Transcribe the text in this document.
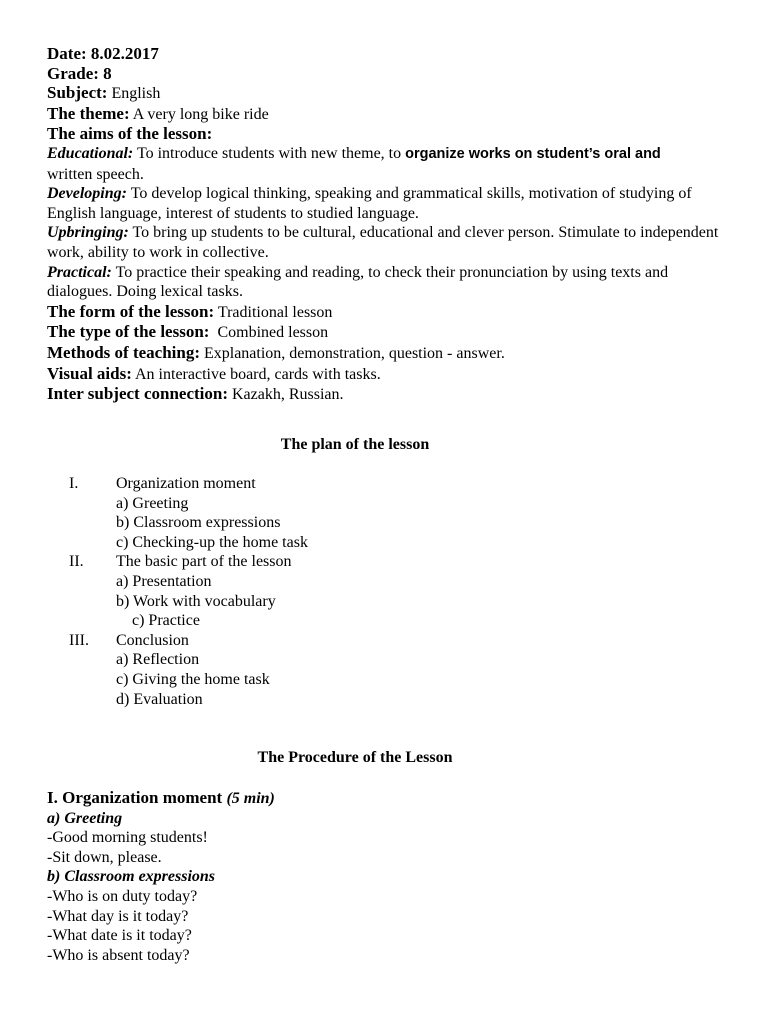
Date: 8.02.2017

Grade: 8

Subject: English

The theme: A very long bike ride

The aims of the lesson:

Educational: To introduce students with new theme, to organize works on student’s oral and

written speech.

Developing: To develop logical thinking, speaking and grammatical skills, motivation of studying of English language, interest of students to studied language.

Upbringing: To bring up students to be cultural, educational and clever person. Stimulate to independent work, ability to work in collective.

Practical: To practice their speaking and reading, to check their pronunciation by using texts and dialogues. Doing lexical tasks.

The form of the lesson: Traditional lesson

The type of the lesson:  Combined lesson

Methods of teaching: Explanation, demonstration, question - answer.

Visual aids: An interactive board, cards with tasks.

Inter subject connection: Kazakh, Russian.

The plan of the lesson
I. Organization moment
a) Greeting
b) Classroom expressions
c) Checking-up the home task
II. The basic part of the lesson
a) Presentation
b) Work with vocabulary
c) Practice
III. Conclusion
a) Reflection
c) Giving the home task
d) Evaluation
The Procedure of the Lesson

I. Organization moment (5 min)

a) Greeting

-Good morning students!

-Sit down, please.

b) Classroom expressions

-Who is on duty today?

-What day is it today?

-What date is it today?

-Who is absent today?
